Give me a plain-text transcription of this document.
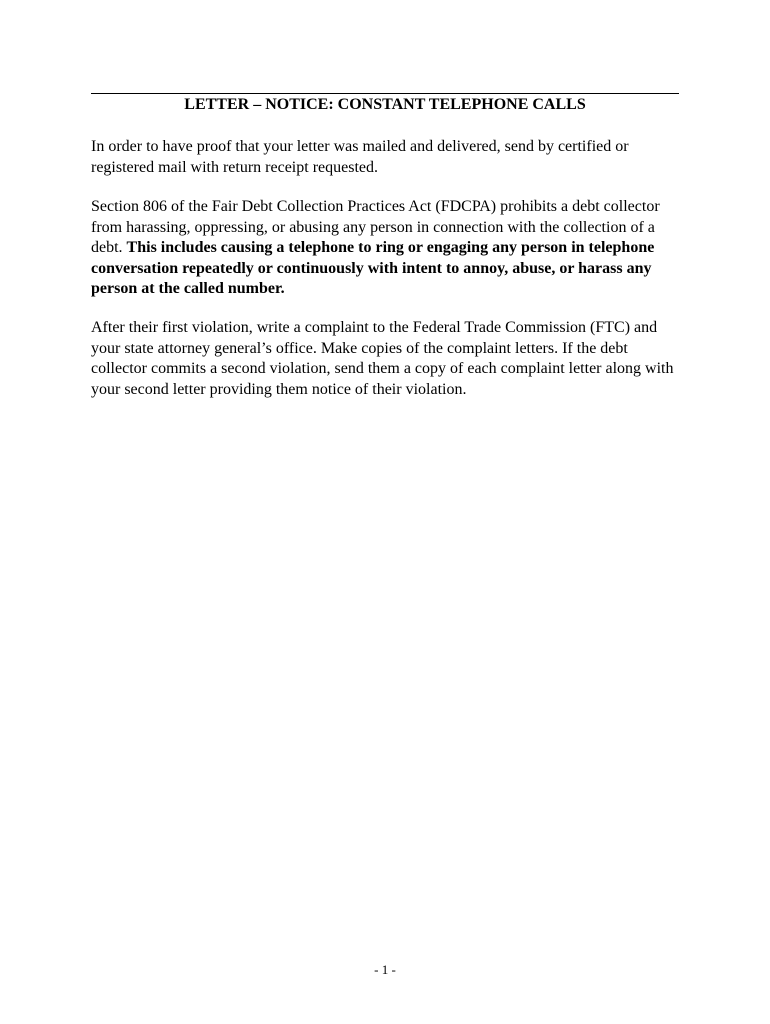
LETTER – NOTICE: CONSTANT TELEPHONE CALLS

In order to have proof that your letter was mailed and delivered, send by certified or registered mail with return receipt requested.

Section 806 of the Fair Debt Collection Practices Act (FDCPA) prohibits a debt collector from harassing, oppressing, or abusing any person in connection with the collection of a debt. This includes causing a telephone to ring or engaging any person in telephone conversation repeatedly or continuously with intent to annoy, abuse, or harass any person at the called number.

After their first violation, write a complaint to the Federal Trade Commission (FTC) and your state attorney general’s office. Make copies of the complaint letters. If the debt collector commits a second violation, send them a copy of each complaint letter along with your second letter providing them notice of their violation.

- 1 -
